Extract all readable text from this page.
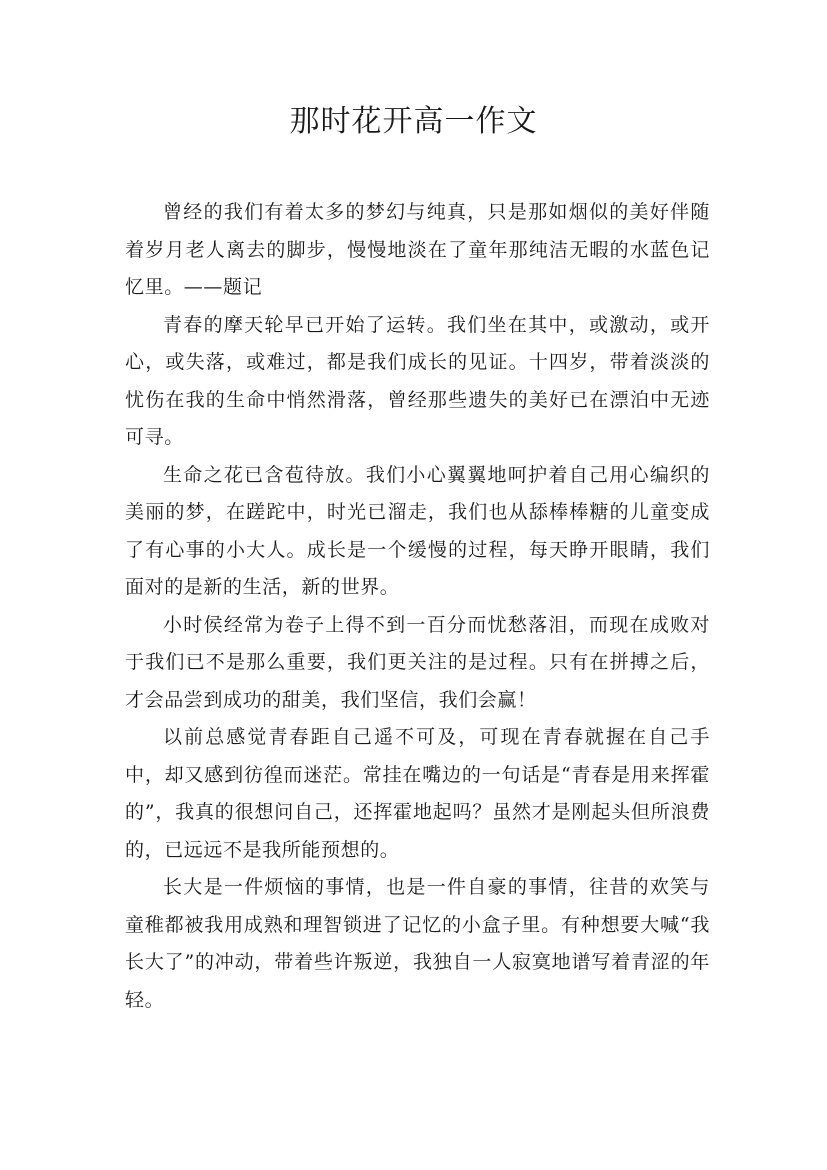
那时花开高一作文

曾经的我们有着太多的梦幻与纯真，只是那如烟似的美好伴随着岁月老人离去的脚步，慢慢地淡在了童年那纯洁无暇的水蓝色记忆里。——题记

青春的摩天轮早已开始了运转。我们坐在其中，或激动，或开心，或失落，或难过，都是我们成长的见证。十四岁，带着淡淡的忧伤在我的生命中悄然滑落，曾经那些遗失的美好已在漂泊中无迹可寻。

生命之花已含苞待放。我们小心翼翼地呵护着自己用心编织的美丽的梦，在蹉跎中，时光已溜走，我们也从舔棒棒糖的儿童变成了有心事的小大人。成长是一个缓慢的过程，每天睁开眼睛，我们面对的是新的生活，新的世界。

小时侯经常为卷子上得不到一百分而忧愁落泪，而现在成败对于我们已不是那么重要，我们更关注的是过程。只有在拼搏之后，才会品尝到成功的甜美，我们坚信，我们会赢！

以前总感觉青春距自己遥不可及，可现在青春就握在自己手中，却又感到彷徨而迷茫。常挂在嘴边的一句话是“青春是用来挥霍的”，我真的很想问自己，还挥霍地起吗？虽然才是刚起头但所浪费的，已远远不是我所能预想的。

长大是一件烦恼的事情，也是一件自豪的事情，往昔的欢笑与童稚都被我用成熟和理智锁进了记忆的小盒子里。有种想要大喊“我长大了”的冲动，带着些许叛逆，我独自一人寂寞地谱写着青涩的年轻。
